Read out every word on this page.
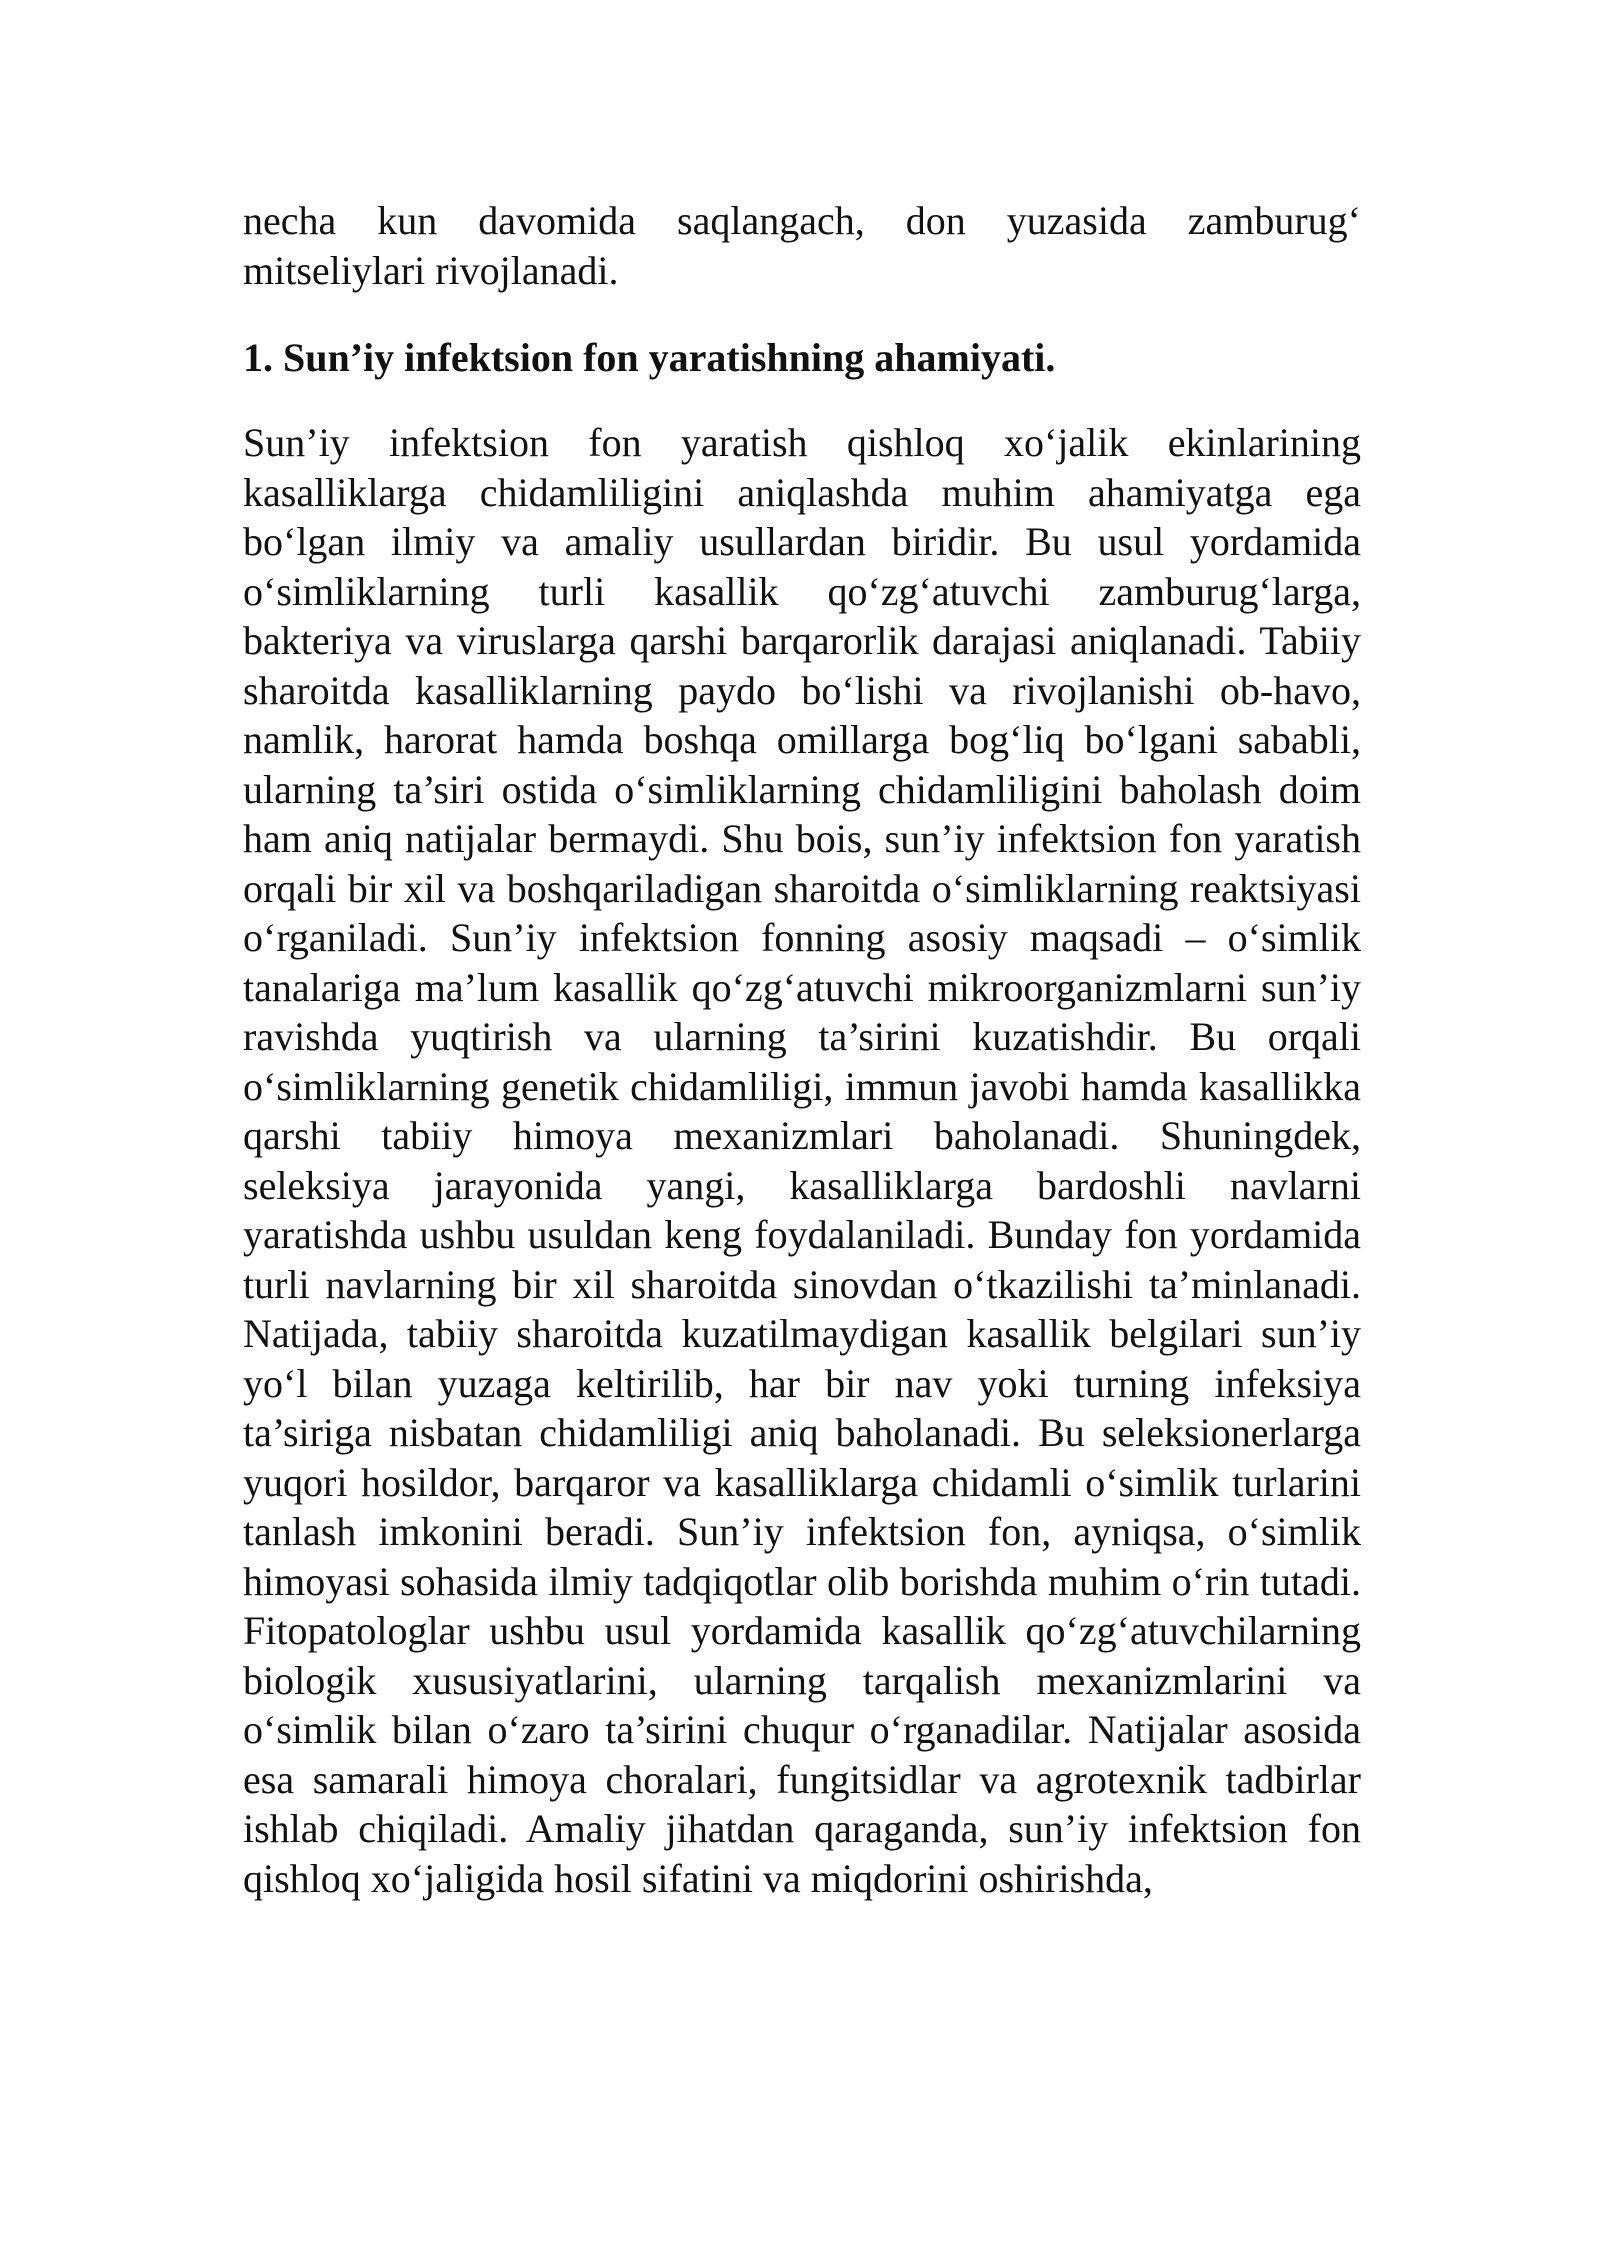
necha kun davomida saqlangach, don yuzasida zamburug‘ mitseliylari rivojlanadi.

1. Sun’iy infektsion fon yaratishning ahamiyati.

Sun’iy infektsion fon yaratish qishloq xo‘jalik ekinlarining kasalliklarga chidamliligini aniqlashda muhim ahamiyatga ega bo‘lgan ilmiy va amaliy usullardan biridir. Bu usul yordamida o‘simliklarning turli kasallik qo‘zg‘atuvchi zamburug‘larga, bakteriya va viruslarga qarshi barqarorlik darajasi aniqlanadi. Tabiiy sharoitda kasalliklarning paydo bo‘lishi va rivojlanishi ob-havo, namlik, harorat hamda boshqa omillarga bog‘liq bo‘lgani sababli, ularning ta’siri ostida o‘simliklarning chidamliligini baholash doim ham aniq natijalar bermaydi. Shu bois, sun’iy infektsion fon yaratish orqali bir xil va boshqariladigan sharoitda o‘simliklarning reaktsiyasi o‘rganiladi. Sun’iy infektsion fonning asosiy maqsadi – o‘simlik tanalariga ma’lum kasallik qo‘zg‘atuvchi mikroorganizmlarni sun’iy ravishda yuqtirish va ularning ta’sirini kuzatishdir. Bu orqali o‘simliklarning genetik chidamliligi, immun javobi hamda kasallikka qarshi tabiiy himoya mexanizmlari baholanadi. Shuningdek, seleksiya jarayonida yangi, kasalliklarga bardoshli navlarni yaratishda ushbu usuldan keng foydalaniladi. Bunday fon yordamida turli navlarning bir xil sharoitda sinovdan o‘tkazilishi ta’minlanadi. Natijada, tabiiy sharoitda kuzatilmaydigan kasallik belgilari sun’iy yo‘l bilan yuzaga keltirilib, har bir nav yoki turning infeksiya ta’siriga nisbatan chidamliligi aniq baholanadi. Bu seleksionerlarga yuqori hosildor, barqaror va kasalliklarga chidamli o‘simlik turlarini tanlash imkonini beradi. Sun’iy infektsion fon, ayniqsa, o‘simlik himoyasi sohasida ilmiy tadqiqotlar olib borishda muhim o‘rin tutadi. Fitopatologlar ushbu usul yordamida kasallik qo‘zg‘atuvchilarning biologik xususiyatlarini, ularning tarqalish mexanizmlarini va o‘simlik bilan o‘zaro ta’sirini chuqur o‘rganadilar. Natijalar asosida esa samarali himoya choralari, fungitsidlar va agrotexnik tadbirlar ishlab chiqiladi. Amaliy jihatdan qaraganda, sun’iy infektsion fon qishloq xo‘jaligida hosil sifatini va miqdorini oshirishda,
